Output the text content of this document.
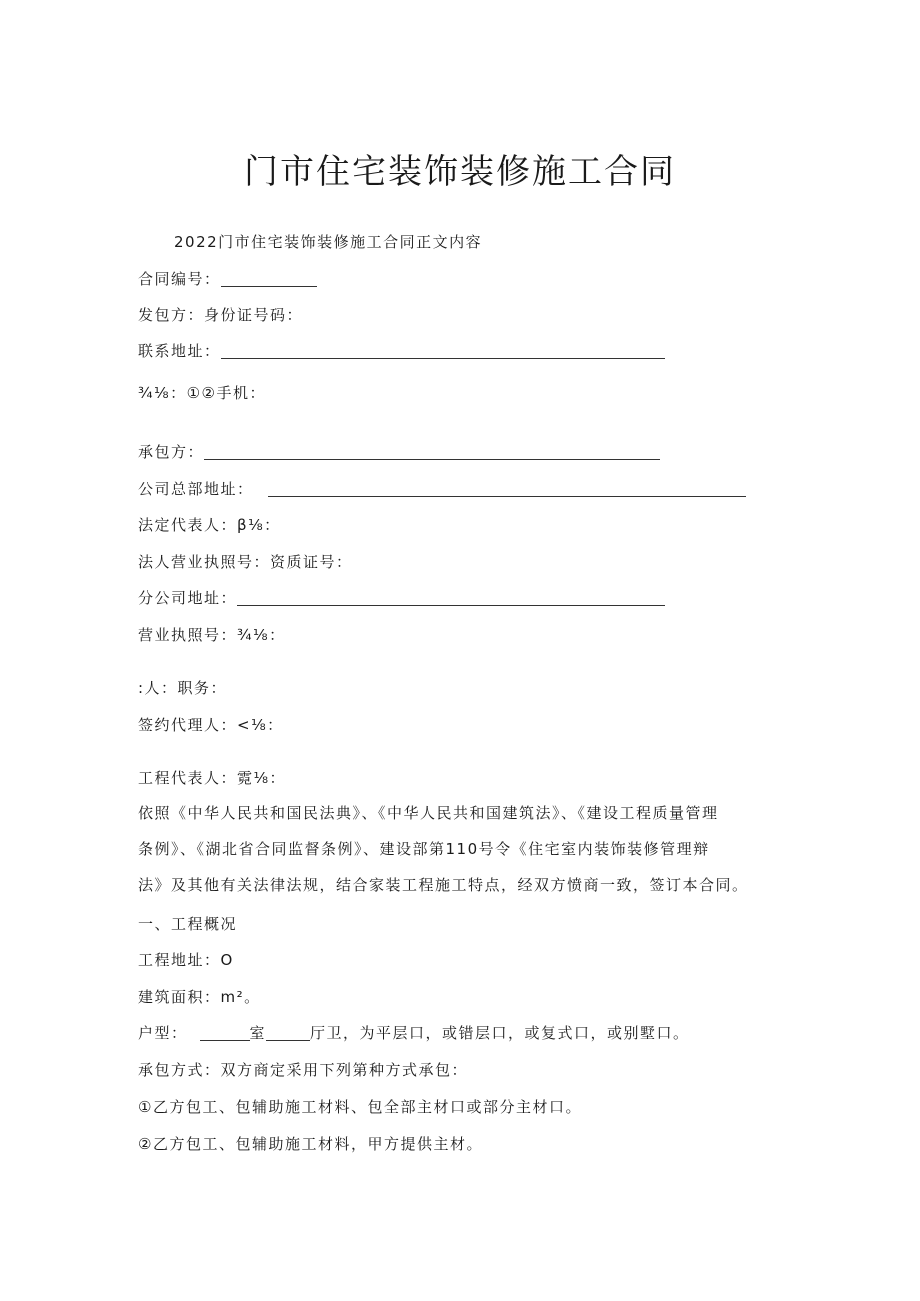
门市住宅装饰装修施工合同
2022门市住宅装饰装修施工合同正文内容
合同编号：
发包方：身份证号码：
联系地址：
¾⅛：①②手机：
承包方：
公司总部地址：
法定代表人：β⅛：
法人营业执照号：资质证号：
分公司地址：
营业执照号：¾⅛：
:人：职务：
签约代理人：<⅛：
工程代表人：霓⅛：
依照《中华人民共和国民法典》、《中华人民共和国建筑法》、《建设工程质量管理
条例》、《湖北省合同监督条例》、建设部第110号令《住宅室内装饰装修管理辩
法》及其他有关法律法规，结合家装工程施工特点，经双方愤商一致，签订本合同。
一、工程概况
工程地址：O
建筑面积：m²。
户型：	室	厅卫，为平层口，或错层口，或复式口，或别墅口。
承包方式：双方商定采用下列第种方式承包：
①乙方包工、包辅助施工材料、包全部主材口或部分主材口。
②乙方包工、包辅助施工材料，甲方提供主材。
